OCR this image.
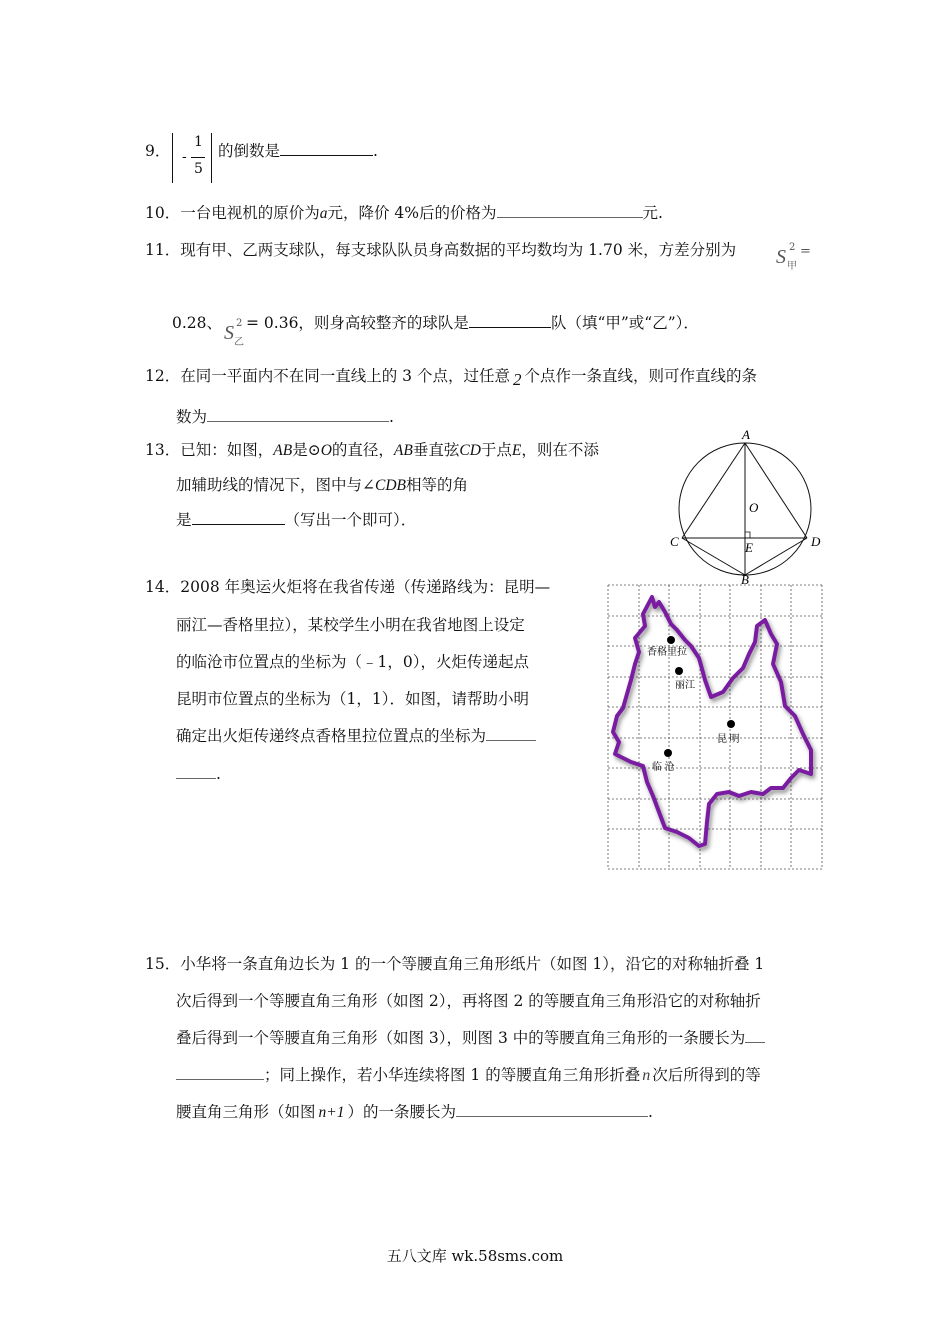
9． -
1
5
的倒数是	.
10．一台电视机的原价为a元，降价 4%后的价格为	元.
11．现有甲、乙两支球队，每支球队队员身高数据的平均数均为 1.70 米，方差分别为 S 2
甲
=
0.28、 S 2
乙
= 0.36，则身高较整齐的球队是	队（填“甲”或“乙”）．
12．在同一平面内不在同一直线上的 3 个点，过任意 2 个点作一条直线，则可作直线的条
数为	.
13．已知：如图，AB是⊙O的直径，AB垂直弦CD于点E，则在不添
加辅助线的情况下，图中与∠CDB相等的角
是	（写出一个即可）．
A
O
E
C	D
B
14．2008 年奥运火炬将在我省传递（传递路线为：昆明—
丽江—香格里拉），某校学生小明在我省地图上设定
的临沧市位置点的坐标为（﹣1，0），火炬传递起点
昆明市位置点的坐标为（1，1）．如图，请帮助小明
确定出火炬传递终点香格里拉位置点的坐标为
.
香格里拉
丽江
昆 明
临 沧
15．小华将一条直角边长为 1 的一个等腰直角三角形纸片（如图 1），沿它的对称轴折叠 1
次后得到一个等腰直角三角形（如图 2），再将图 2 的等腰直角三角形沿它的对称轴折
叠后得到一个等腰直角三角形（如图 3），则图 3 中的等腰直角三角形的一条腰长为
；同上操作，若小华连续将图 1 的等腰直角三角形折叠 n 次后所得到的等
腰直角三角形（如图 n+1 ）的一条腰长为	.
五八文库 wk.58sms.com
